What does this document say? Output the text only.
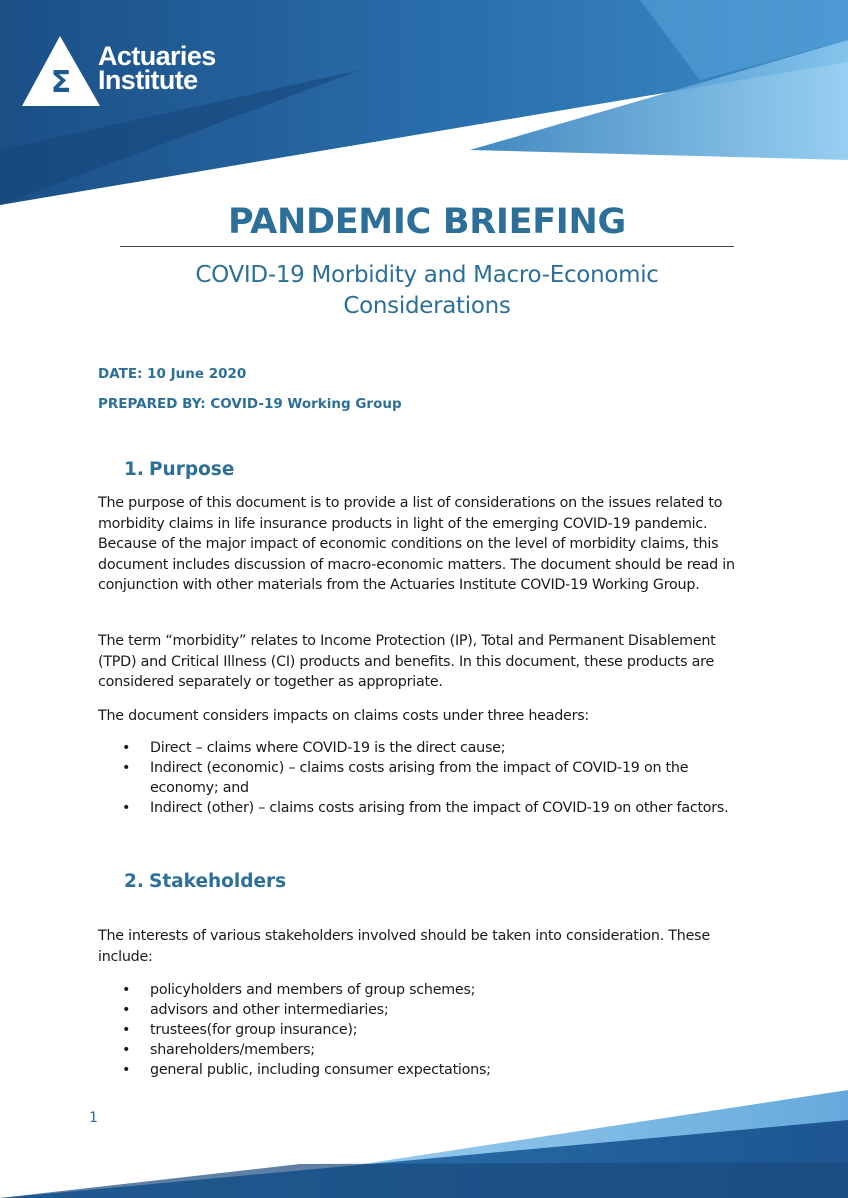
Σ
Actuaries
Institute
PANDEMIC BRIEFING
COVID-19 Morbidity and Macro-Economic
Considerations
DATE: 10 June 2020
PREPARED BY: COVID-19 Working Group
1. Purpose

The purpose of this document is to provide a list of considerations on the issues related to morbidity claims in life insurance products in light of the emerging COVID-19 pandemic. Because of the major impact of economic conditions on the level of morbidity claims, this document includes discussion of macro-economic matters. The document should be read in conjunction with other materials from the Actuaries Institute COVID-19 Working Group.

The term “morbidity” relates to Income Protection (IP), Total and Permanent Disablement (TPD) and Critical Illness (CI) products and benefits. In this document, these products are considered separately or together as appropriate.

The document considers impacts on claims costs under three headers:

• Direct – claims where COVID-19 is the direct cause;
• Indirect (economic) – claims costs arising from the impact of COVID-19 on the economy; and
• Indirect (other) – claims costs arising from the impact of COVID-19 on other factors.
2. Stakeholders

The interests of various stakeholders involved should be taken into consideration. These include:

• policyholders and members of group schemes;
• advisors and other intermediaries;
• trustees(for group insurance);
• shareholders/members;
• general public, including consumer expectations;
1
